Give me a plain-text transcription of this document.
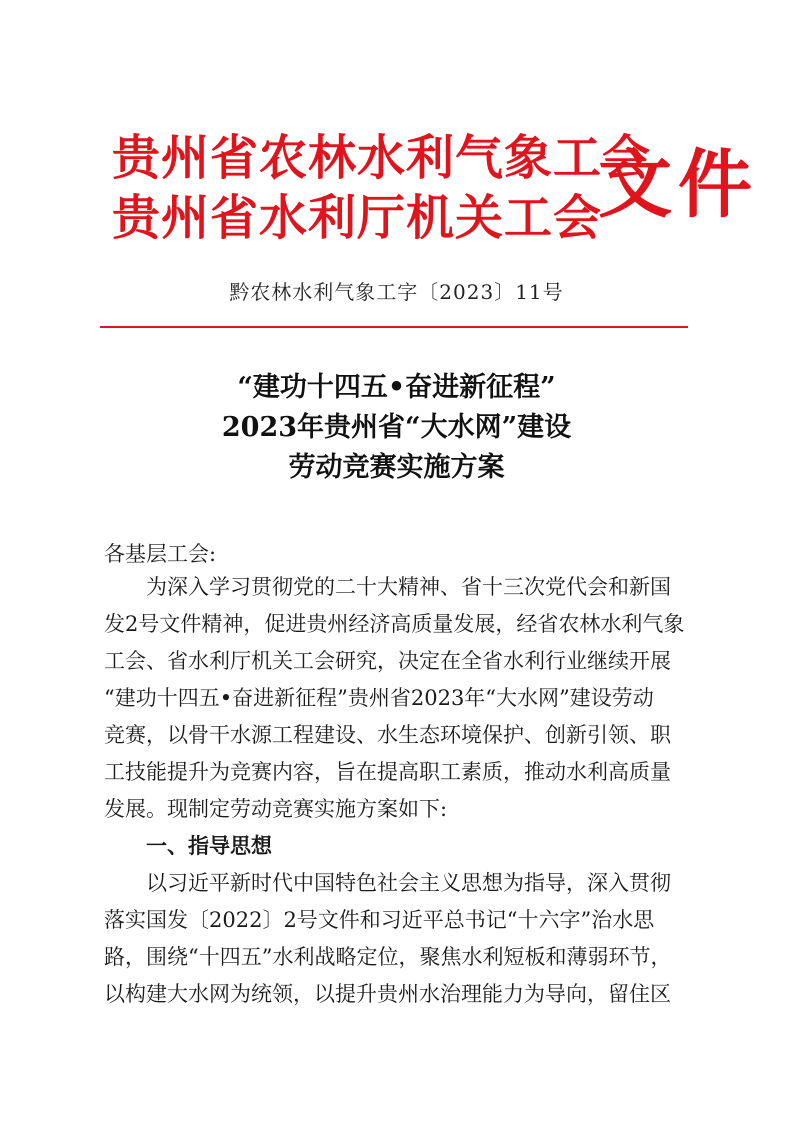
贵州省农林水利气象工会
贵州省水利厅机关工会
文件
黔农林水利气象工字〔2023〕11号
“建功十四五•奋进新征程”
2023年贵州省“大水网”建设
劳动竞赛实施方案
各基层工会:
为深入学习贯彻党的二十大精神、省十三次党代会和新国
发2号文件精神，促进贵州经济高质量发展，经省农林水利气象
工会、省水利厅机关工会研究，决定在全省水利行业继续开展
“建功十四五•奋进新征程”贵州省2023年“大水网”建设劳动
竞赛，以骨干水源工程建设、水生态环境保护、创新引领、职
工技能提升为竞赛内容，旨在提高职工素质，推动水利高质量
发展。现制定劳动竞赛实施方案如下:
一、指导思想
以习近平新时代中国特色社会主义思想为指导，深入贯彻
落实国发〔2022〕2号文件和习近平总书记“十六字”治水思
路，围绕“十四五”水利战略定位，聚焦水利短板和薄弱环节，
以构建大水网为统领，以提升贵州水治理能力为导向，留住区
